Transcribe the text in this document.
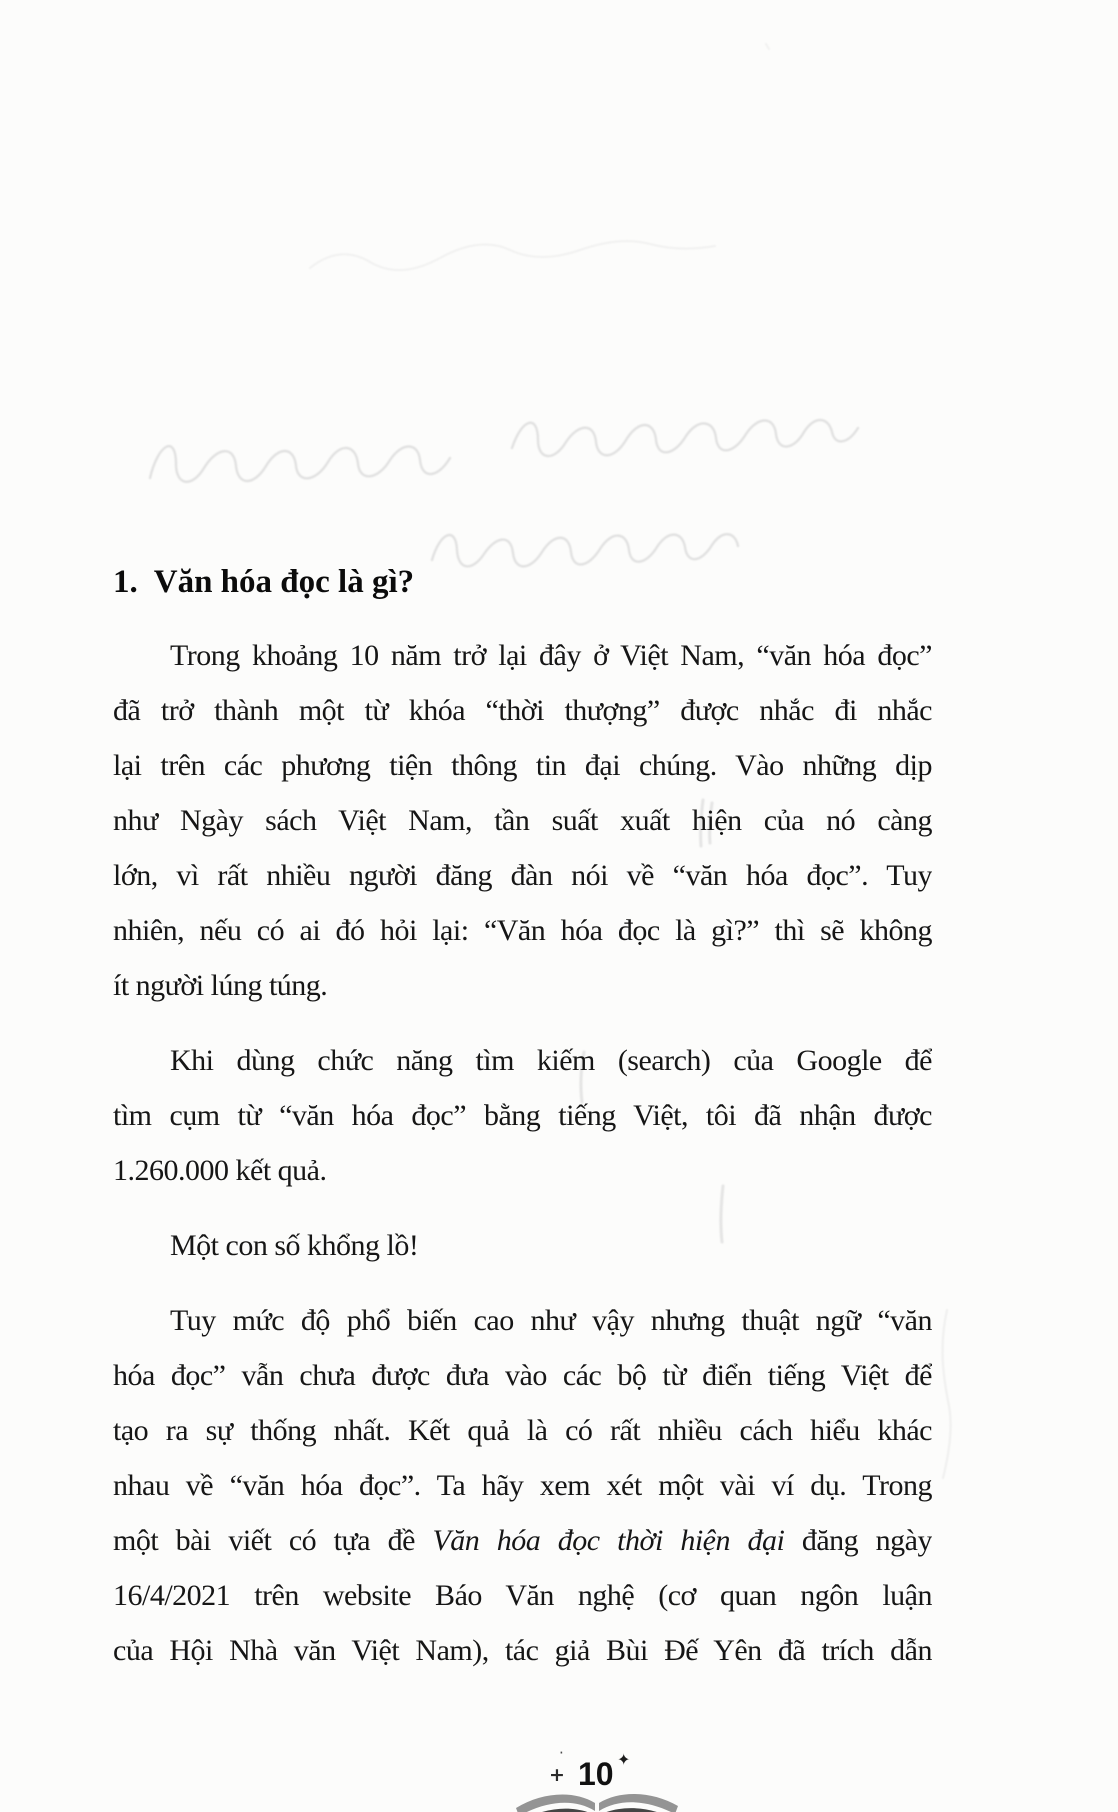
1. Văn hóa đọc là gì?
Trong khoảng 10 năm trở lại đây ở Việt Nam, “văn hóa đọc”
đã trở thành một từ khóa “thời thượng” được nhắc đi nhắc
lại trên các phương tiện thông tin đại chúng. Vào những dịp
như Ngày sách Việt Nam, tần suất xuất hiện của nó càng
lớn, vì rất nhiều người đăng đàn nói về “văn hóa đọc”. Tuy
nhiên, nếu có ai đó hỏi lại: “Văn hóa đọc là gì?” thì sẽ không
ít người lúng túng.
Khi dùng chức năng tìm kiếm (search) của Google để
tìm cụm từ “văn hóa đọc” bằng tiếng Việt, tôi đã nhận được
1.260.000 kết quả.
Một con số khổng lồ!
Tuy mức độ phổ biến cao như vậy nhưng thuật ngữ “văn
hóa đọc” vẫn chưa được đưa vào các bộ từ điển tiếng Việt để
tạo ra sự thống nhất. Kết quả là có rất nhiều cách hiểu khác
nhau về “văn hóa đọc”. Ta hãy xem xét một vài ví dụ. Trong
một bài viết có tựa đề Văn hóa đọc thời hiện đại đăng ngày
16/4/2021 trên website Báo Văn nghệ (cơ quan ngôn luận
của Hội Nhà văn Việt Nam), tác giả Bùi Đế Yên đã trích dẫn
·
+
✦
10
